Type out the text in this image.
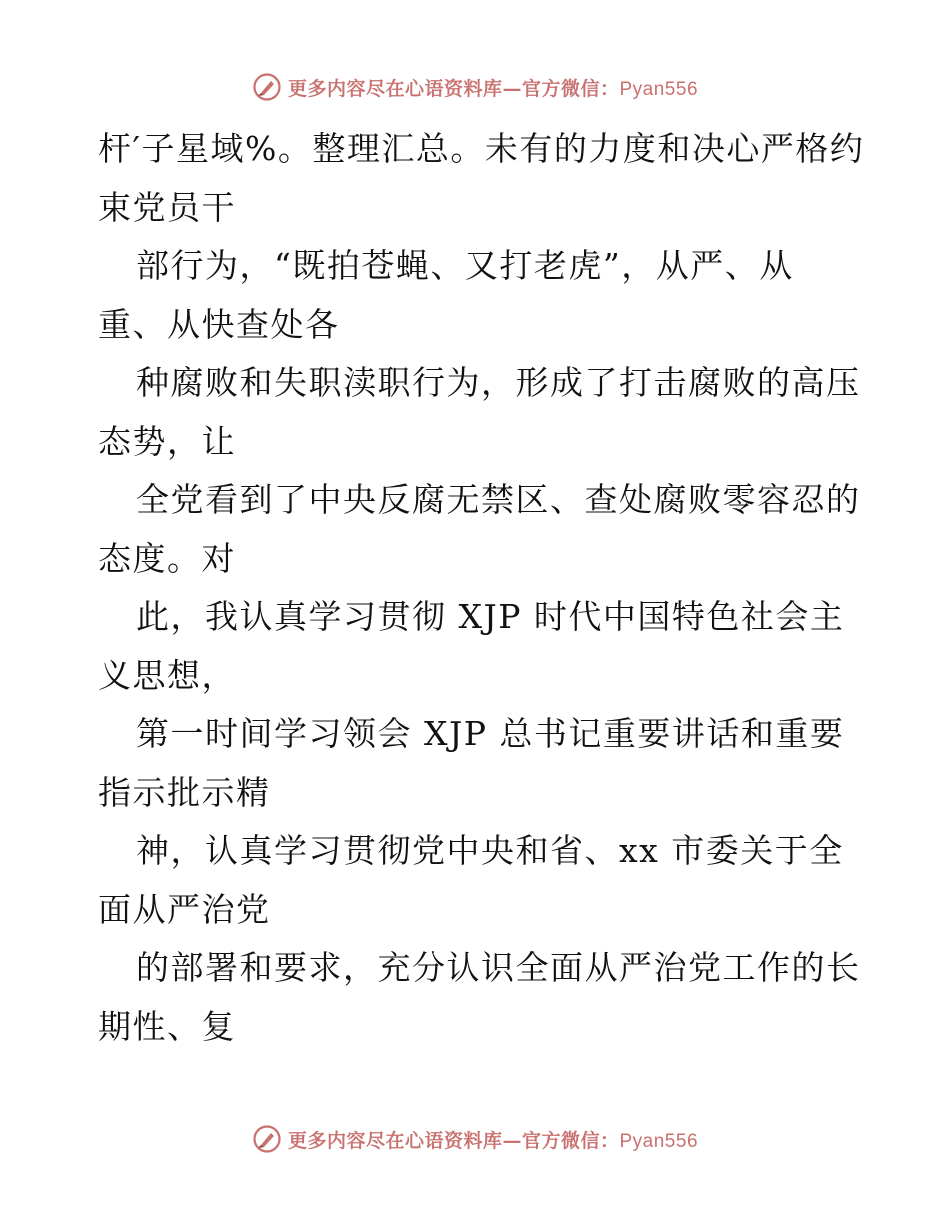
更多内容尽在心语资料库—官方微信：Pyan556
杆′子星域%。整理汇总。未有的力度和决心严格约
束党员干
部行为，“既拍苍蝇、又打老虎”，从严、从
重、从快查处各
种腐败和失职渎职行为，形成了打击腐败的高压
态势，让
全党看到了中央反腐无禁区、查处腐败零容忍的
态度。对
此，我认真学习贯彻 XJP 时代中国特色社会主
义思想，
第一时间学习领会 XJP 总书记重要讲话和重要
指示批示精
神，认真学习贯彻党中央和省、xx 市委关于全
面从严治党
的部署和要求，充分认识全面从严治党工作的长
期性、复
更多内容尽在心语资料库—官方微信：Pyan556
